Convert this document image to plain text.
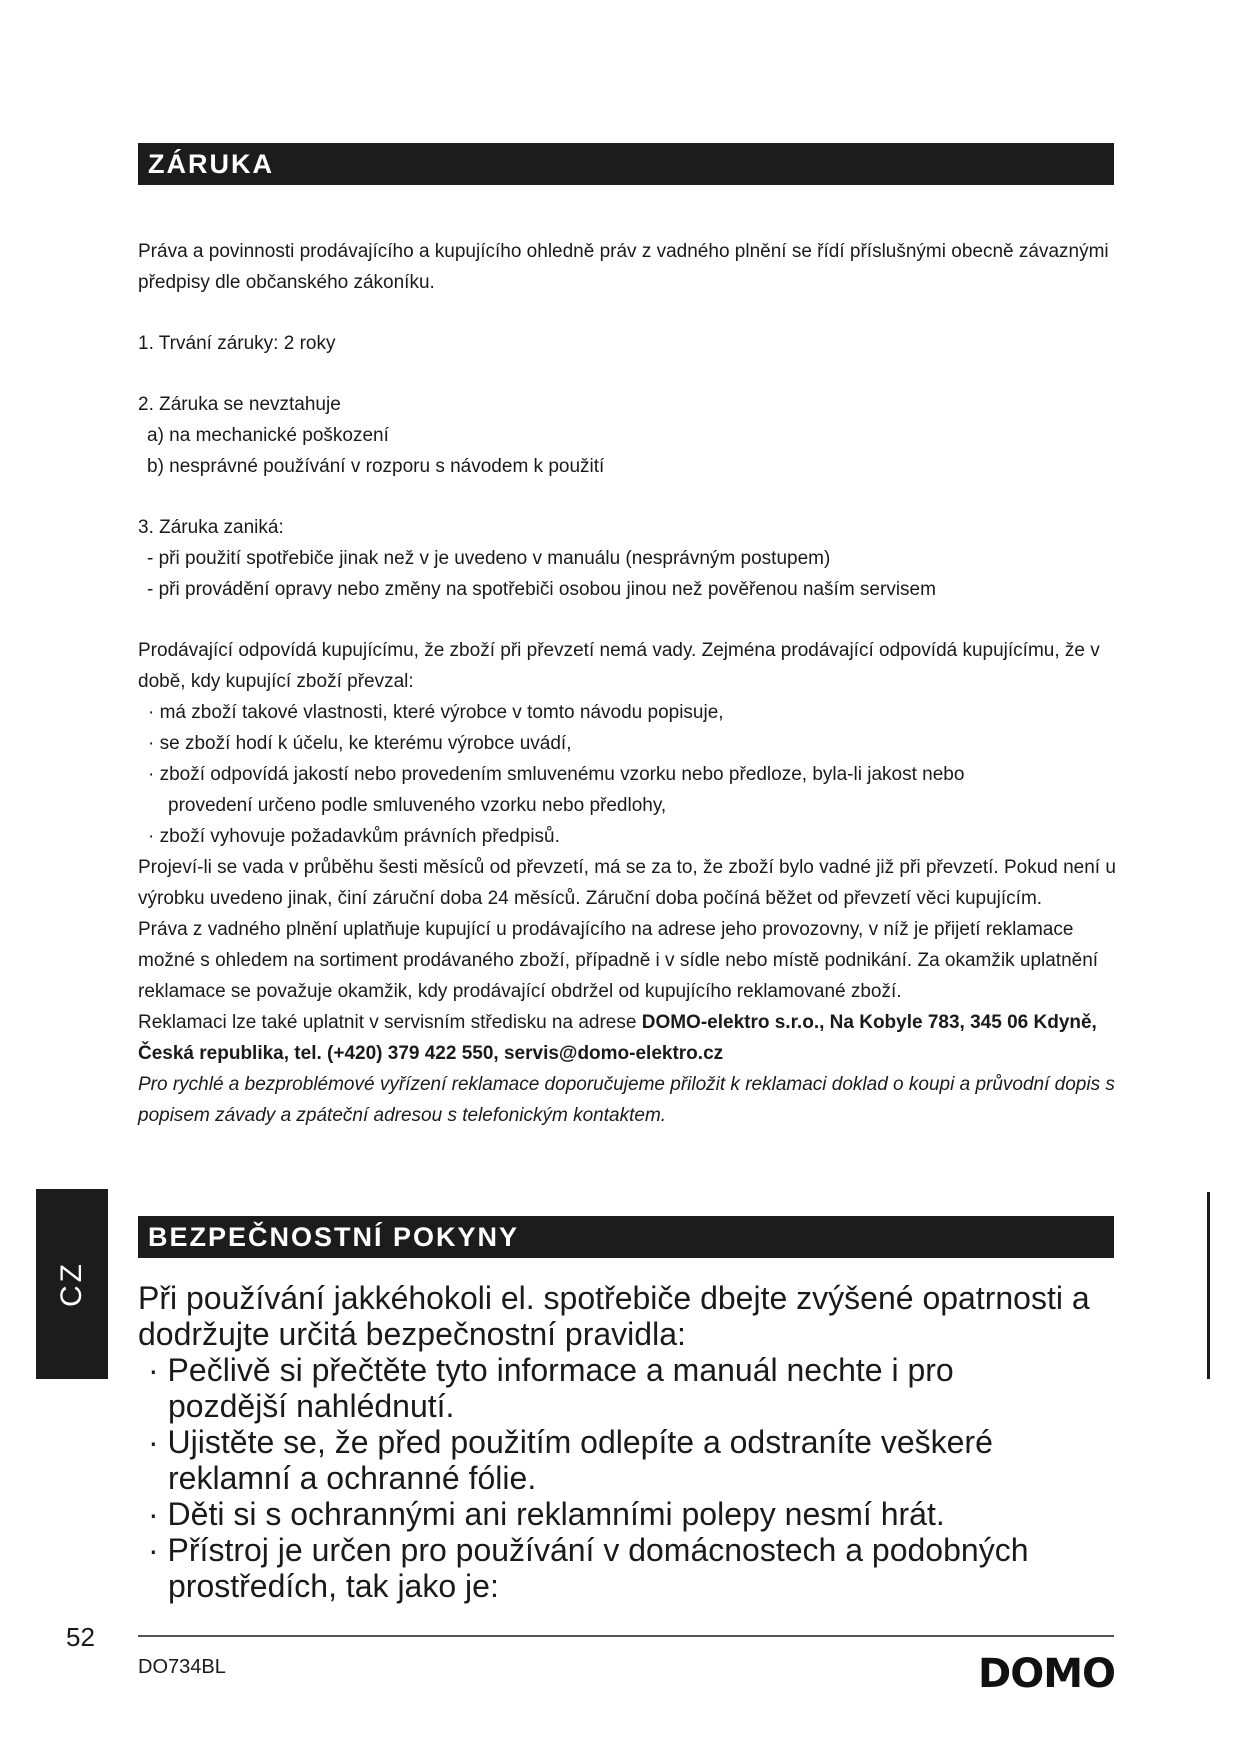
ZÁRUKA

Práva a povinnosti prodávajícího a kupujícího ohledně práv z vadného plnění se řídí příslušnými obecně závaznými předpisy dle občanského zákoníku.

1. Trvání záruky: 2 roky

2. Záruka se nevztahuje

a) na mechanické poškození

b) nesprávné používání v rozporu s návodem k použití

3. Záruka zaniká:

- při použití spotřebiče jinak než v je uvedeno v manuálu (nesprávným postupem)

- při provádění opravy nebo změny na spotřebiči osobou jinou než pověřenou naším servisem

Prodávající odpovídá kupujícímu, že zboží při převzetí nemá vady. Zejména prodávající odpovídá kupujícímu, že v době, kdy kupující zboží převzal:

· má zboží takové vlastnosti, které výrobce v tomto návodu popisuje,

· se zboží hodí k účelu, ke kterému výrobce uvádí,

· zboží odpovídá jakostí nebo provedením smluvenému vzorku nebo předloze, byla-li jakost nebo

provedení určeno podle smluveného vzorku nebo předlohy,

· zboží vyhovuje požadavkům právních předpisů.

Projeví-li se vada v průběhu šesti měsíců od převzetí, má se za to, že zboží bylo vadné již při převzetí. Pokud není u výrobku uvedeno jinak, činí záruční doba 24 měsíců. Záruční doba počíná běžet od převzetí věci kupujícím.

Práva z vadného plnění uplatňuje kupující u prodávajícího na adrese jeho provozovny, v níž je přijetí reklamace možné s ohledem na sortiment prodávaného zboží, případně i v sídle nebo místě podnikání. Za okamžik uplatnění reklamace se považuje okamžik, kdy prodávající obdržel od kupujícího reklamované zboží.

Reklamaci lze také uplatnit v servisním středisku na adrese DOMO-elektro s.r.o., Na Kobyle 783, 345 06 Kdyně, Česká republika, tel. (+420) 379 422 550, servis@domo-elektro.cz

Pro rychlé a bezproblémové vyřízení reklamace doporučujeme přiložit k reklamaci doklad o koupi a průvodní dopis s popisem závady a zpáteční adresou s telefonickým kontaktem.

CZ
BEZPEČNOSTNÍ POKYNY

Při používání jakkéhokoli el. spotřebiče dbejte zvýšené opatrnosti a dodržujte určitá bezpečnostní pravidla:

· Pečlivě si přečtěte tyto informace a manuál nechte i pro

pozdější nahlédnutí.

· Ujistěte se, že před použitím odlepíte a odstraníte veškeré

reklamní a ochranné fólie.

· Děti si s ochrannými ani reklamními polepy nesmí hrát.

· Přístroj je určen pro používání v domácnostech a podobných

prostředích, tak jako je:

52
DO734BL	DOMO
